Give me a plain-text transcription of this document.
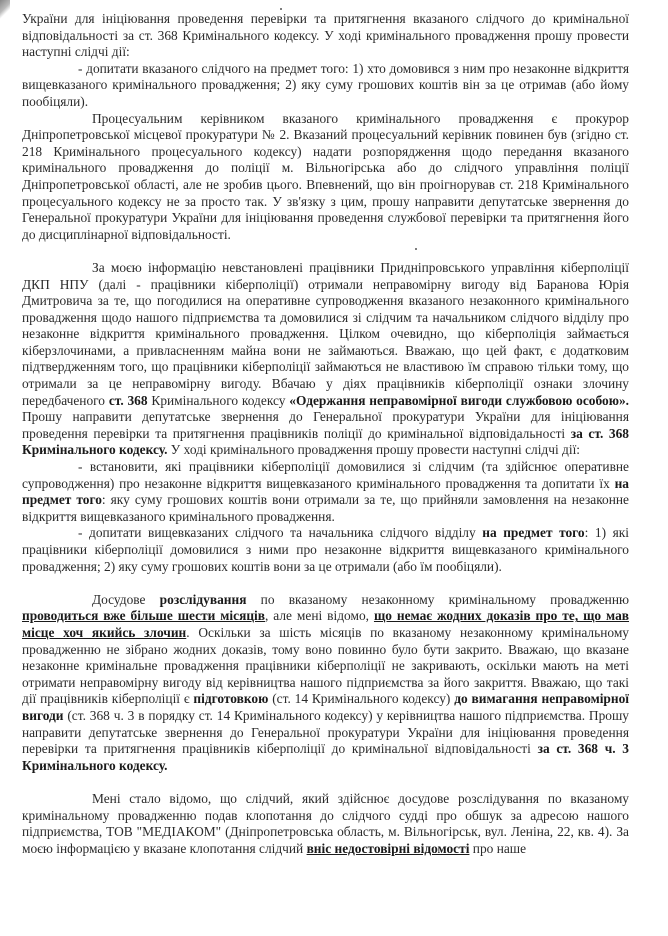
України для ініціювання проведення перевірки та притягнення вказаного слідчого до кримінальної відповідальності за ст. 368 Кримінального кодексу. У ході кримінального провадження прошу провести наступні слідчі дії:

- допитати вказаного слідчого на предмет того: 1) хто домовився з ним про незаконне відкриття вищевказаного кримінального провадження; 2) яку суму грошових коштів він за це отримав (або йому пообіцяли).

Процесуальним керівником вказаного кримінального провадження є прокурор Дніпропетровської місцевої прокуратури № 2. Вказаний процесуальний керівник повинен був (згідно ст. 218 Кримінального процесуального кодексу) надати розпорядження щодо передання вказаного кримінального провадження до поліції м. Вільногірська або до слідчого управління поліції Дніпропетровської області, але не зробив цього. Впевнений, що він проігнорував ст. 218 Кримінального процесуального кодексу не за просто так. У зв'язку з цим, прошу направити депутатське звернення до Генеральної прокуратури України для ініціювання проведення службової перевірки та притягнення його до дисциплінарної відповідальності.

За моєю інформацію невстановлені працівники Придніпровського управління кіберполіції ДКП НПУ (далі - працівники кіберполіції) отримали неправомірну вигоду від Баранова Юрія Дмитровича за те, що погодилися на оперативне супроводження вказаного незаконного кримінального провадження щодо нашого підприємства та домовилися зі слідчим та начальником слідчого відділу про незаконне відкриття кримінального провадження. Цілком очевидно, що кіберполіція займається кіберзлочинами, а привласненням майна вони не займаються. Вважаю, що цей факт, є додатковим підтвердженням того, що працівники кіберполіції займаються не властивою їм справою тільки тому, що отримали за це неправомірну вигоду. Вбачаю у діях працівників кіберполіції ознаки злочину передбаченого ст. 368 Кримінального кодексу «Одержання неправомірної вигоди службовою особою». Прошу направити депутатське звернення до Генеральної прокуратури України для ініціювання проведення перевірки та притягнення працівників поліції до кримінальної відповідальності за ст. 368 Кримінального кодексу. У ході кримінального провадження прошу провести наступні слідчі дії:

- встановити, які працівники кіберполіції домовилися зі слідчим (та здійснює оперативне супроводження) про незаконне відкриття вищевказаного кримінального провадження та допитати їх на предмет того: яку суму грошових коштів вони отримали за те, що прийняли замовлення на незаконне відкриття вищевказаного кримінального провадження.

- допитати вищевказаних слідчого та начальника слідчого відділу на предмет того: 1) які працівники кіберполіції домовилися з ними про незаконне відкриття вищевказаного кримінального провадження; 2) яку суму грошових коштів вони за це отримали (або їм пообіцяли).

Досудове розслідування по вказаному незаконному кримінальному провадженню проводиться вже більше шести місяців, але мені відомо, що немає жодних доказів про те, що мав місце хоч якийсь злочин. Оскільки за шість місяців по вказаному незаконному кримінальному провадженню не зібрано жодних доказів, тому воно повинно було бути закрито. Вважаю, що вказане незаконне кримінальне провадження працівники кіберполіції не закривають, оскільки мають на меті отримати неправомірну вигоду від керівництва нашого підприємства за його закриття. Вважаю, що такі дії працівників кіберполіції є підготовкою (ст. 14 Кримінального кодексу) до вимагання неправомірної вигоди (ст. 368 ч. 3 в порядку ст. 14 Кримінального кодексу) у керівництва нашого підприємства. Прошу направити депутатське звернення до Генеральної прокуратури України для ініціювання проведення перевірки та притягнення працівників кіберполіції до кримінальної відповідальності за ст. 368 ч. 3 Кримінального кодексу.

Мені стало відомо, що слідчий, який здійснює досудове розслідування по вказаному кримінальному провадженню подав клопотання до слідчого судді про обшук за адресою нашого підприємства, ТОВ "МЕДІАКОМ" (Дніпропетровська область, м. Вільногірськ, вул. Леніна, 22, кв. 4). За моєю інформацією у вказане клопотання слідчий вніс недостовірні відомості про наше
